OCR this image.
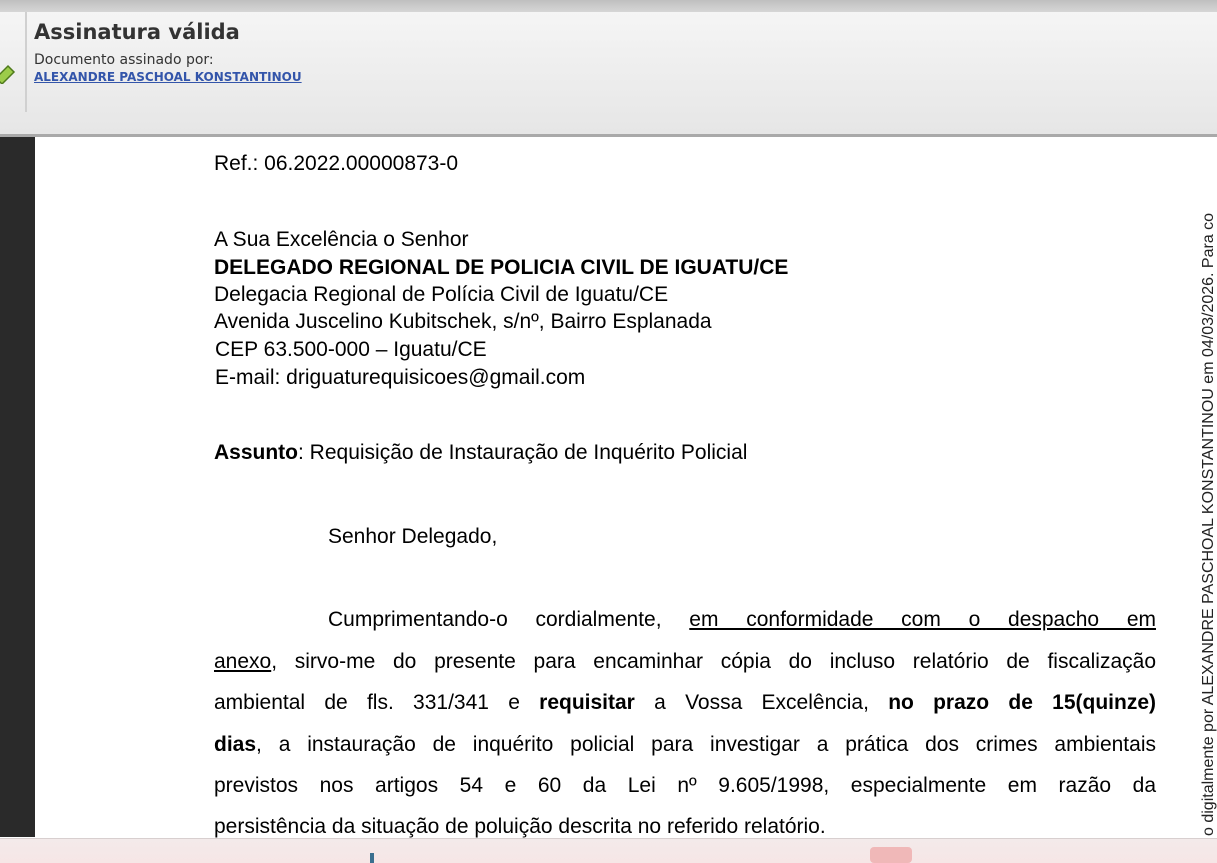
Assinatura válida
Documento assinado por:
ALEXANDRE PASCHOAL KONSTANTINOU
Ref.: 06.2022.00000873-0
A Sua Excelência o Senhor
DELEGADO REGIONAL DE POLICIA CIVIL DE IGUATU/CE
Delegacia Regional de Polícia Civil de Iguatu/CE
Avenida Juscelino Kubitschek, s/nº, Bairro Esplanada
CEP 63.500-000 – Iguatu/CE
E-mail: driguaturequisicoes@gmail.com
Assunto: Requisição de Instauração de Inquérito Policial
Senhor Delegado,
Cumprimentando-o cordialmente, em conformidade com o despacho em
anexo, sirvo-me do presente para encaminhar cópia do incluso relatório de fiscalização
ambiental de fls. 331/341 e requisitar a Vossa Excelência, no prazo de 15(quinze)
dias, a instauração de inquérito policial para investigar a prática dos crimes ambientais
previstos nos artigos 54 e 60 da Lei nº 9.605/1998, especialmente em razão da
persistência da situação de poluição descrita no referido relatório.	o digitalmente por ALEXANDRE PASCHOAL KONSTANTINOU em 04/03/2026. Para co
